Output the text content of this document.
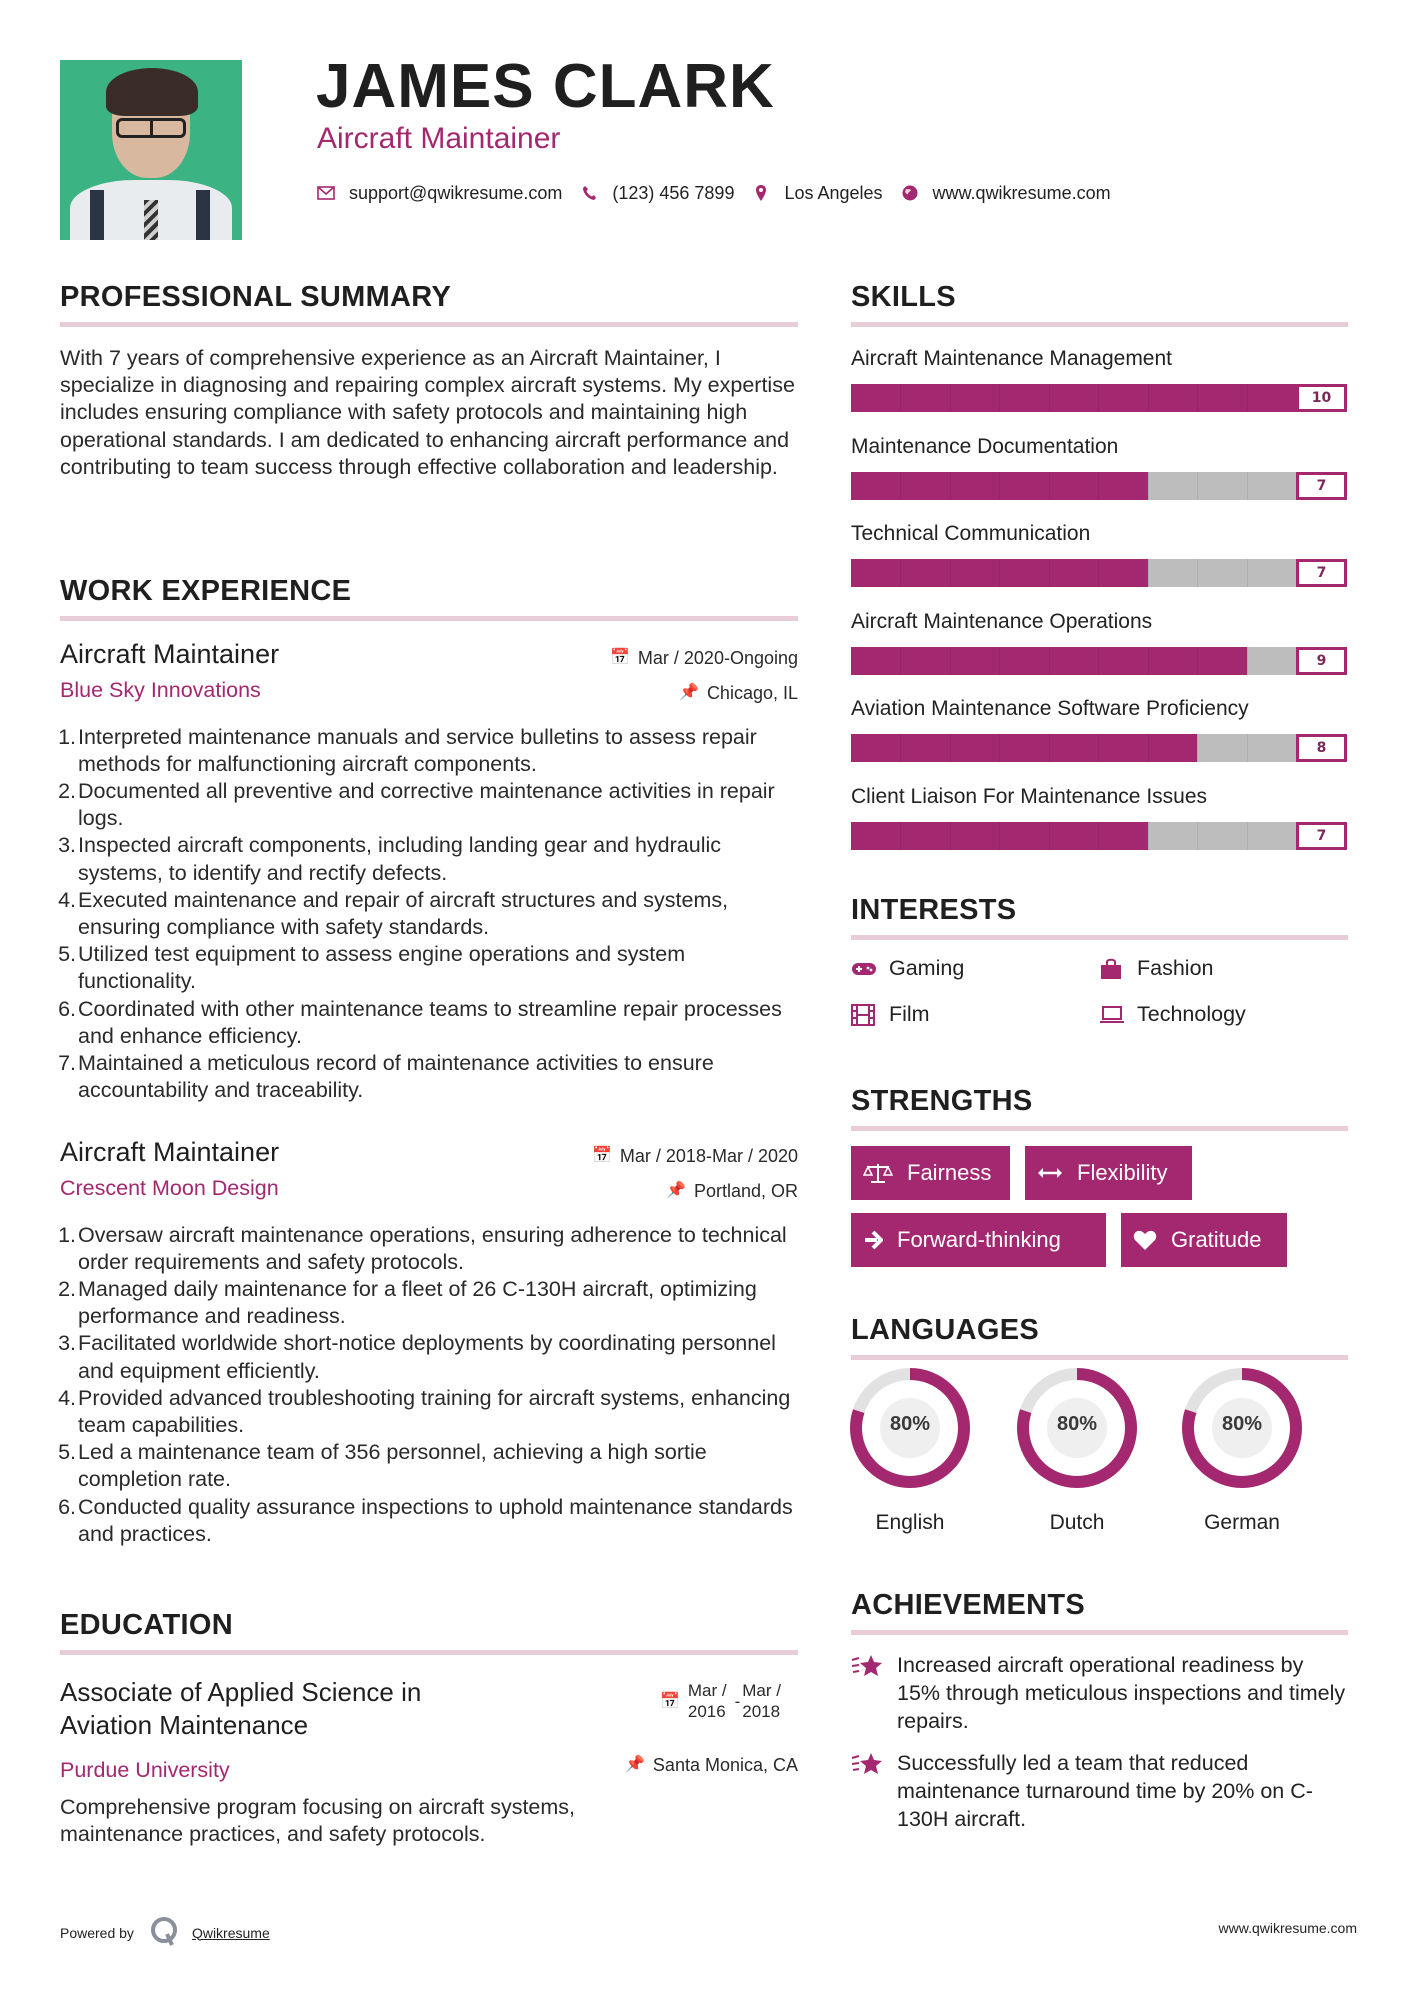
JAMES CLARK
Aircraft Maintainer
support@qwikresume.com	(123) 456 7899	Los Angeles	www.qwikresume.com
PROFESSIONAL SUMMARY
With 7 years of comprehensive experience as an Aircraft Maintainer, I specialize in diagnosing and repairing complex aircraft systems. My expertise includes ensuring compliance with safety protocols and maintaining high operational standards. I am dedicated to enhancing aircraft performance and contributing to team success through effective collaboration and leadership.
WORK EXPERIENCE
Aircraft Maintainer
Blue Sky Innovations
📅 Mar / 2020-Ongoing
📌 Chicago, IL
1. Interpreted maintenance manuals and service bulletins to assess repair methods for malfunctioning aircraft components.
2. Documented all preventive and corrective maintenance activities in repair logs.
3. Inspected aircraft components, including landing gear and hydraulic systems, to identify and rectify defects.
4. Executed maintenance and repair of aircraft structures and systems, ensuring compliance with safety standards.
5. Utilized test equipment to assess engine operations and system functionality.
6. Coordinated with other maintenance teams to streamline repair processes and enhance efficiency.
7. Maintained a meticulous record of maintenance activities to ensure accountability and traceability.
Aircraft Maintainer
Crescent Moon Design
📅 Mar / 2018-Mar / 2020
📌 Portland, OR
1. Oversaw aircraft maintenance operations, ensuring adherence to technical order requirements and safety protocols.
2. Managed daily maintenance for a fleet of 26 C-130H aircraft, optimizing performance and readiness.
3. Facilitated worldwide short-notice deployments by coordinating personnel and equipment efficiently.
4. Provided advanced troubleshooting training for aircraft systems, enhancing team capabilities.
5. Led a maintenance team of 356 personnel, achieving a high sortie completion rate.
6. Conducted quality assurance inspections to uphold maintenance standards and practices.
EDUCATION
Associate of Applied Science in
Aviation Maintenance
Purdue University
📅
Mar /
2016
-
Mar /
2018
📌 Santa Monica, CA
Comprehensive program focusing on aircraft systems, maintenance practices, and safety protocols.
SKILLS
Aircraft Maintenance Management
10
Maintenance Documentation
7
Technical Communication
7
Aircraft Maintenance Operations
9
Aviation Maintenance Software Proficiency
8
Client Liaison For Maintenance Issues
7
INTERESTS
Gaming	Fashion
Film	Technology
STRENGTHS
Fairness	Flexibility
Forward-thinking	Gratitude
LANGUAGES
80%
English
80%
Dutch
80%
German
ACHIEVEMENTS
Increased aircraft operational readiness by 15% through meticulous inspections and timely repairs.
Successfully led a team that reduced maintenance turnaround time by 20% on C-130H aircraft.
Powered by	Qwikresume	www.qwikresume.com
